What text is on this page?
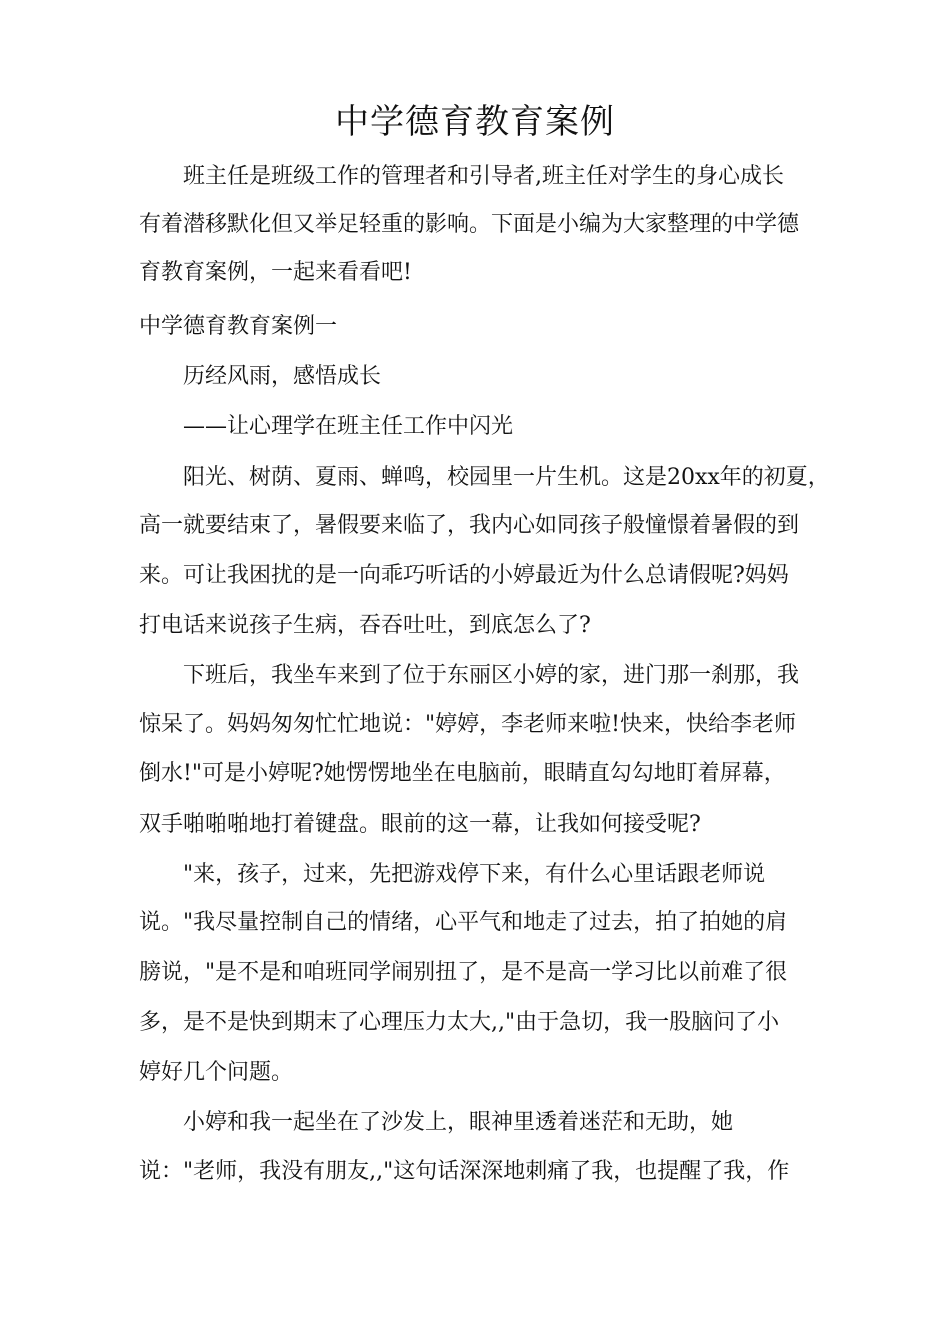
中学德育教育案例
班主任是班级工作的管理者和引导者,班主任对学生的身心成长
有着潜移默化但又举足轻重的影响。下面是小编为大家整理的中学德
育教育案例，一起来看看吧!
中学德育教育案例一
历经风雨，感悟成长
——让心理学在班主任工作中闪光
阳光、树荫、夏雨、蝉鸣，校园里一片生机。这是20xx年的初夏，
高一就要结束了，暑假要来临了，我内心如同孩子般憧憬着暑假的到
来。可让我困扰的是一向乖巧听话的小婷最近为什么总请假呢?妈妈
打电话来说孩子生病，吞吞吐吐，到底怎么了?
下班后，我坐车来到了位于东丽区小婷的家，进门那一刹那，我
惊呆了。妈妈匆匆忙忙地说："婷婷，李老师来啦!快来，快给李老师
倒水!"可是小婷呢?她愣愣地坐在电脑前，眼睛直勾勾地盯着屏幕，
双手啪啪啪地打着键盘。眼前的这一幕，让我如何接受呢?
"来，孩子，过来，先把游戏停下来，有什么心里话跟老师说
说。"我尽量控制自己的情绪，心平气和地走了过去，拍了拍她的肩
膀说，"是不是和咱班同学闹别扭了，是不是高一学习比以前难了很
多，是不是快到期末了心理压力太大,,"由于急切，我一股脑问了小
婷好几个问题。
小婷和我一起坐在了沙发上，眼神里透着迷茫和无助，她
说："老师，我没有朋友,,"这句话深深地刺痛了我，也提醒了我，作
